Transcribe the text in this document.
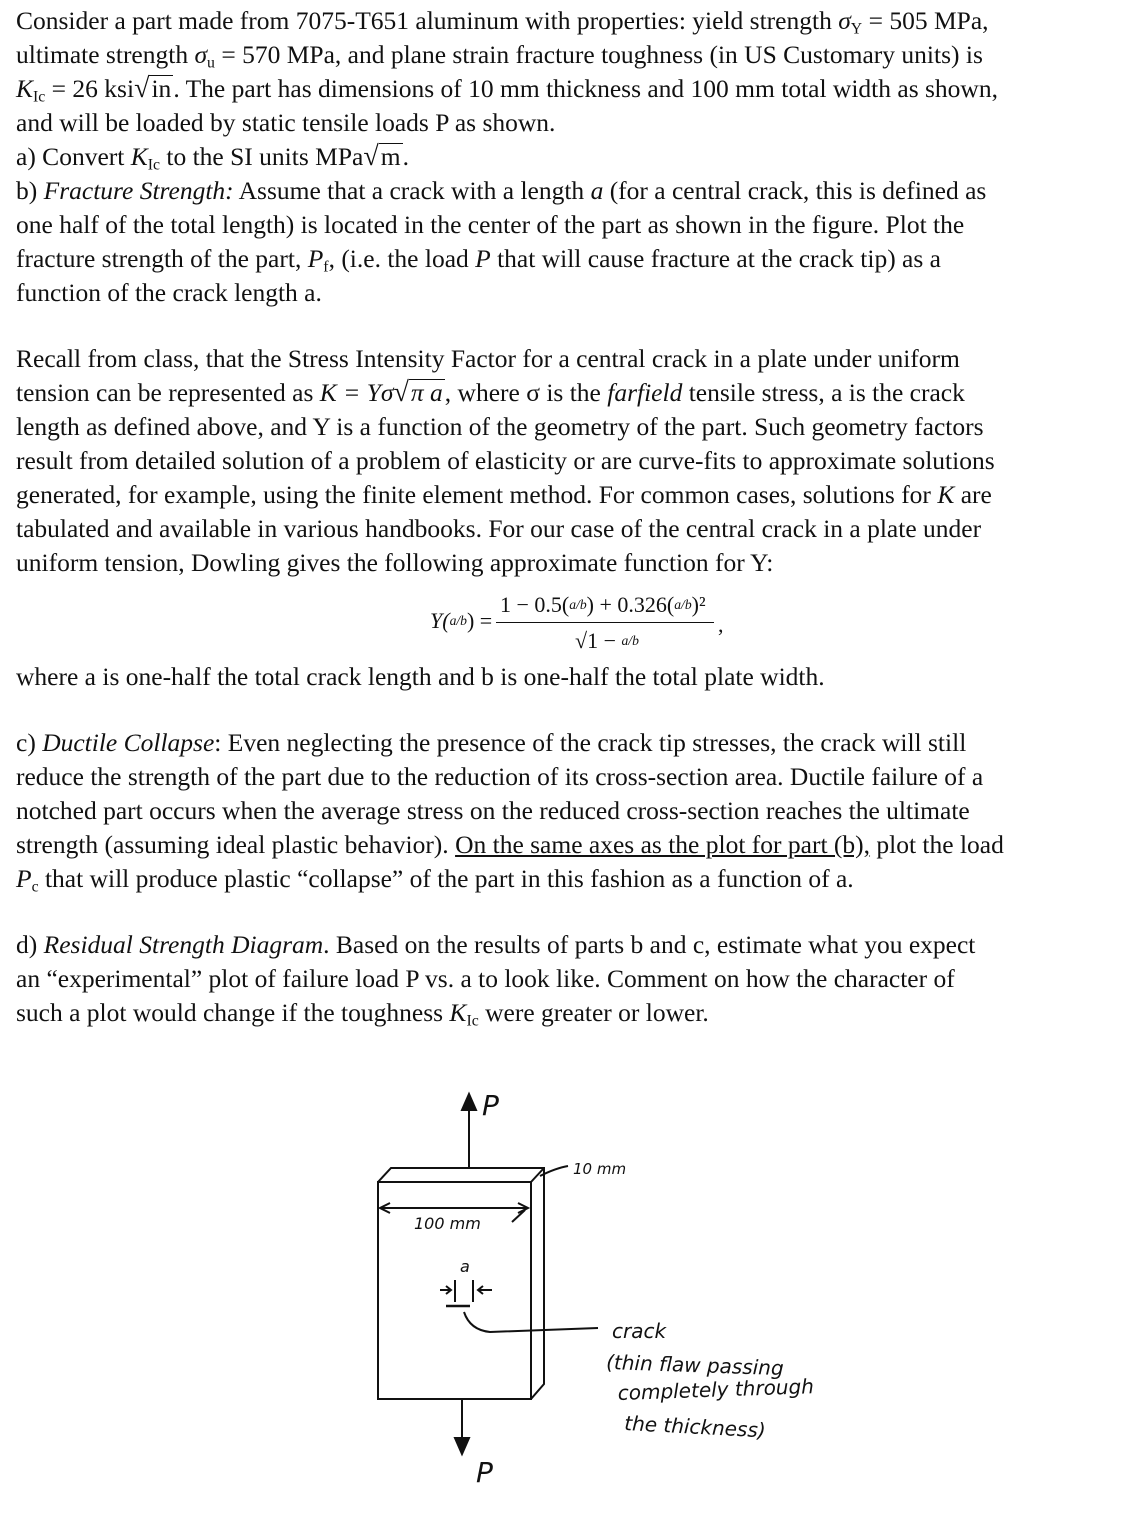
Consider a part made from 7075-T651 aluminum with properties: yield strength $\sigma_Y = 505$ MPa,
ultimate strength $\sigma_u = 570$ MPa, and plane strain fracture toughness (in US Customary units) is
$K_{Ic} = 26$ ksi√in. The part has dimensions of 10 mm thickness and 100 mm total width as shown,
and will be loaded by static tensile loads P as shown.
a) Convert $K_{Ic}$ to the SI units MPa√m.
b) Fracture Strength: Assume that a crack with a length a (for a central crack, this is defined as
one half of the total length) is located in the center of the part as shown in the figure. Plot the
fracture strength of the part, $P_f$, (i.e. the load P that will cause fracture at the crack tip) as a
function of the crack length a.
Recall from class, that the Stress Intensity Factor for a central crack in a plate under uniform
tension can be represented as K = Yσ√π a, where σ is the farfield tensile stress, a is the crack
length as defined above, and Y is a function of the geometry of the part. Such geometry factors
result from detailed solution of a problem of elasticity or are curve-fits to approximate solutions
generated, for example, using the finite element method. For common cases, solutions for K are
tabulated and available in various handbooks. For our case of the central crack in a plate under
uniform tension, Dowling gives the following approximate function for Y:
where a is one-half the total crack length and b is one-half the total plate width.
c) Ductile Collapse: Even neglecting the presence of the crack tip stresses, the crack will still
reduce the strength of the part due to the reduction of its cross-section area. Ductile failure of a
notched part occurs when the average stress on the reduced cross-section reaches the ultimate
strength (assuming ideal plastic behavior). On the same axes as the plot for part (b), plot the load
$P_c$ that will produce plastic “collapse” of the part in this fashion as a function of a.
d) Residual Strength Diagram. Based on the results of parts b and c, estimate what you expect
an “experimental” plot of failure load P vs. a to look like. Comment on how the character of
such a plot would change if the toughness $K_{Ic}$ were greater or lower.
Y(a/b) =
1 − 0.5(a/b) + 0.326(a/b)²
√1 − a/b
,
P
P
10 mm
100 mm
a
crack
(thin flaw passing
completely through
the thickness)
